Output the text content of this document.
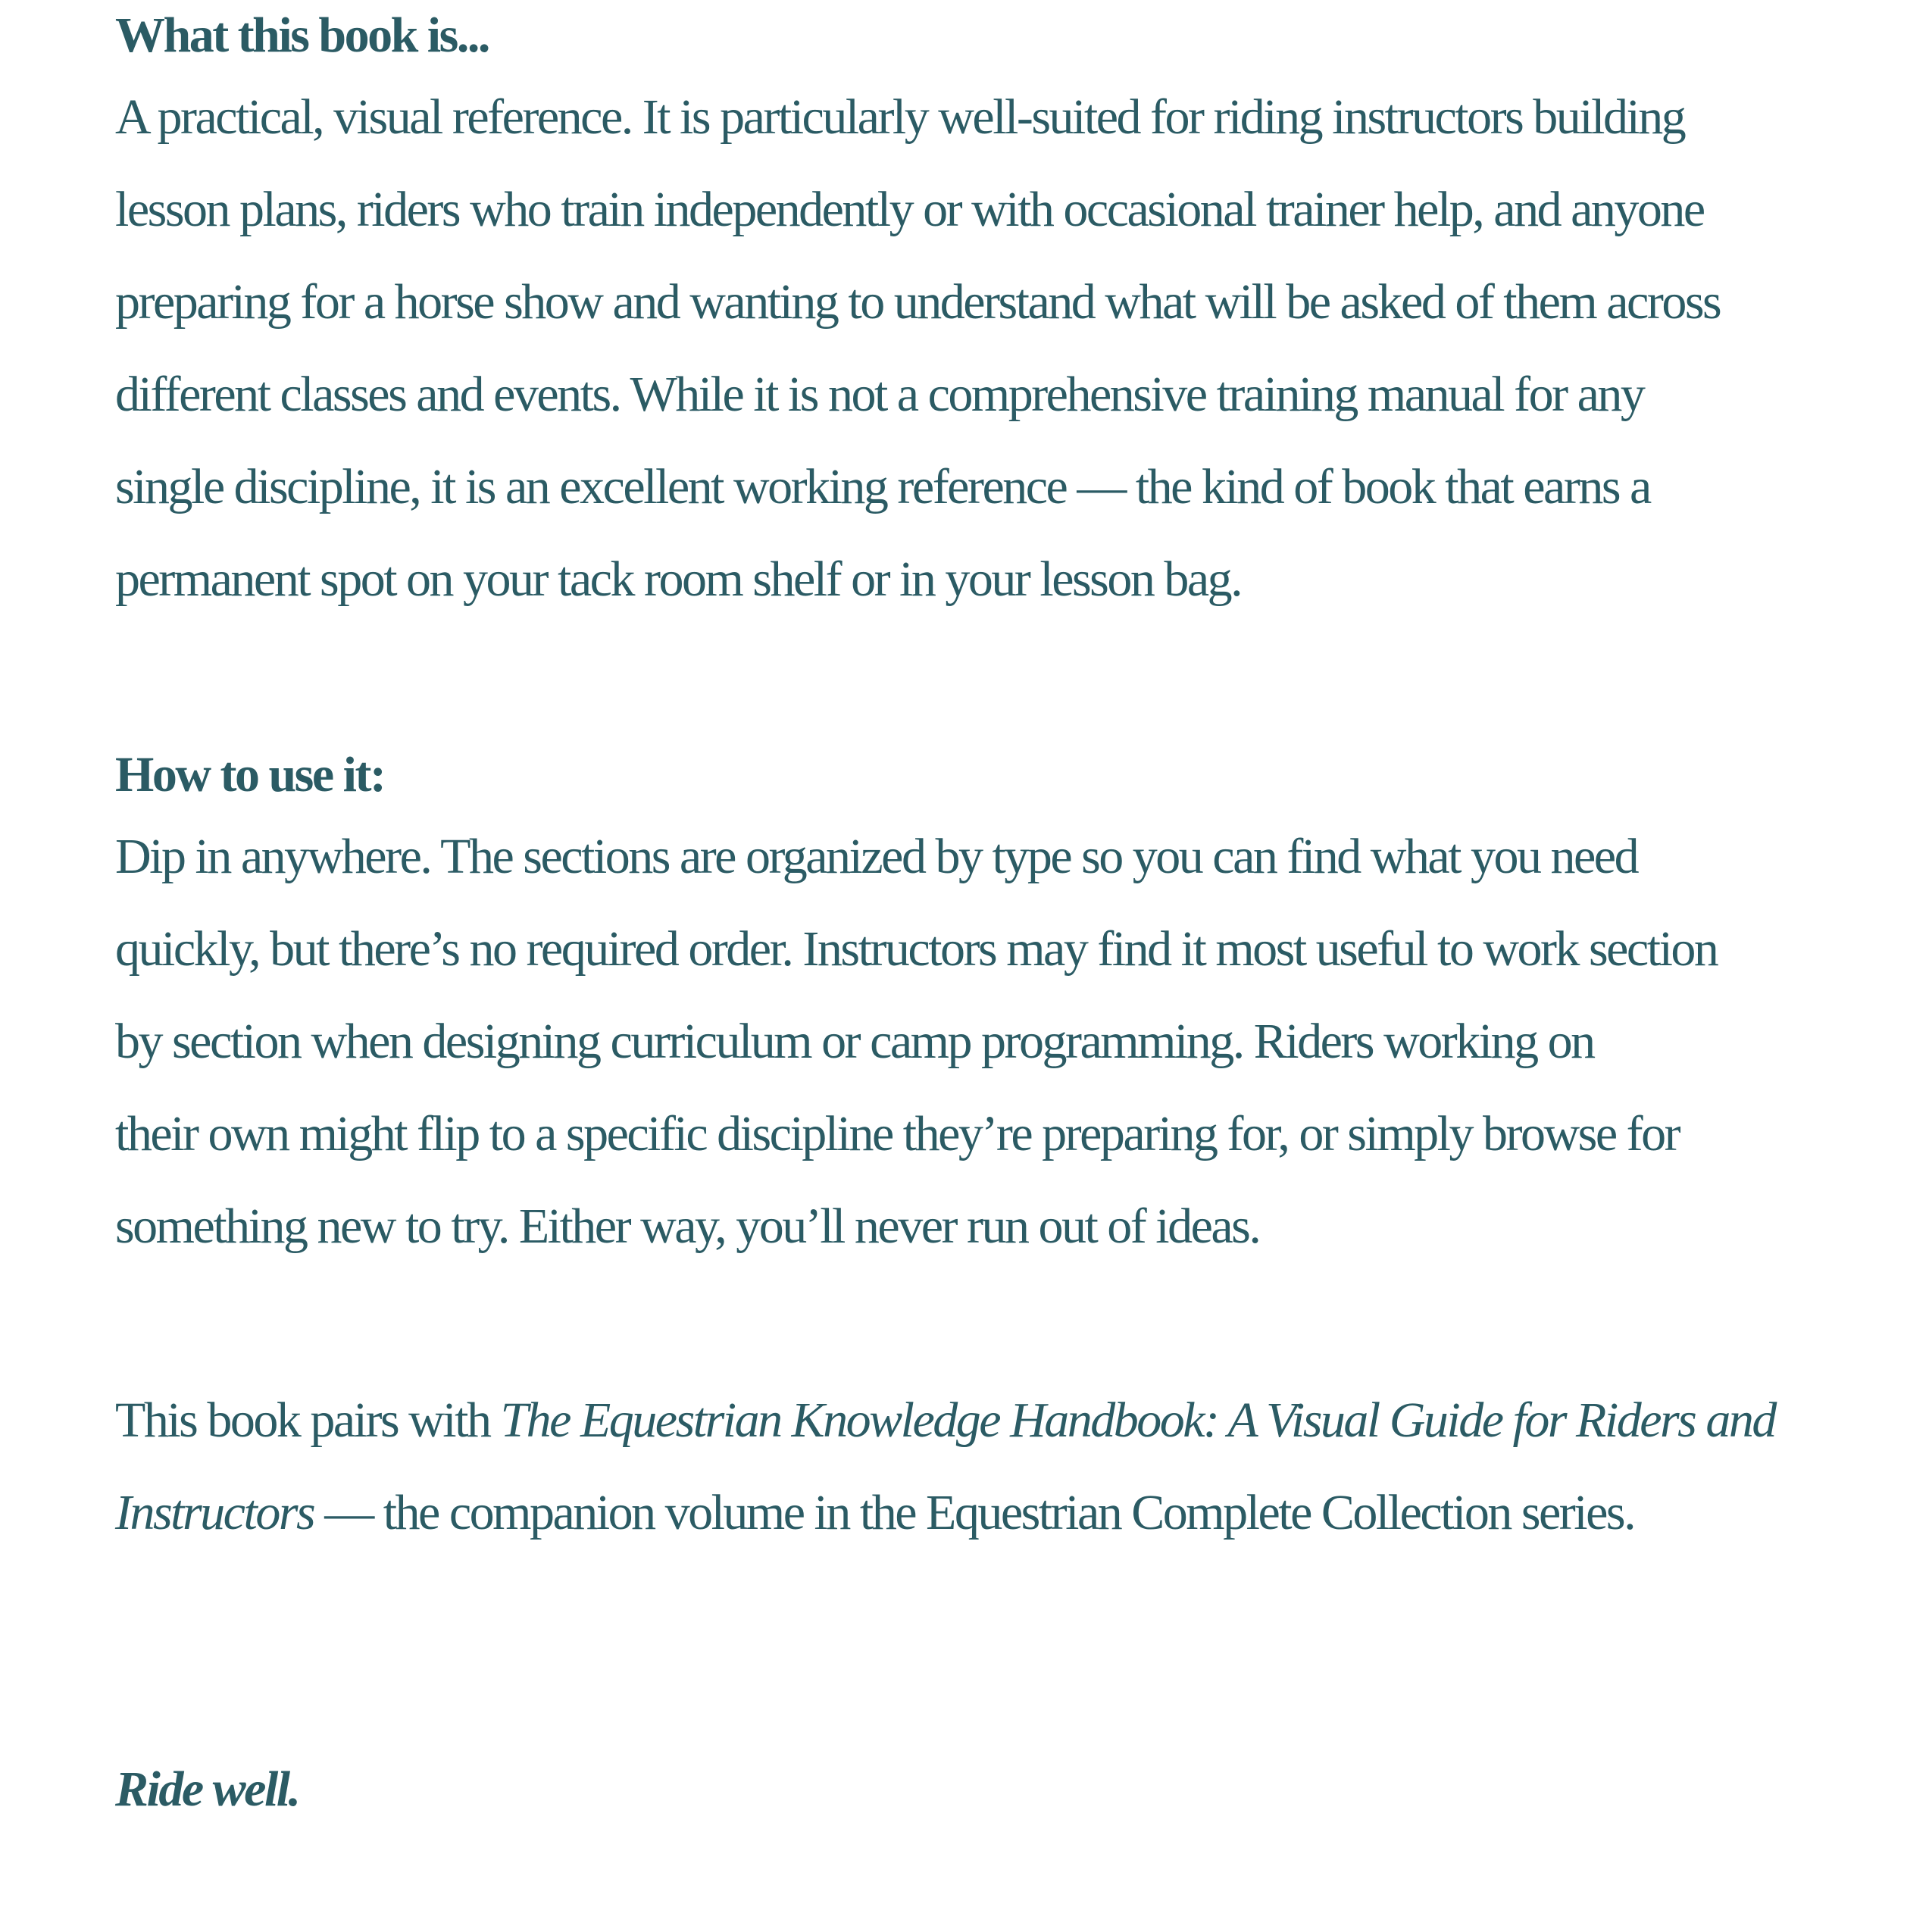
What this book is...

A practical, visual reference. It is particularly well-suited for riding instructors building

lesson plans, riders who train independently or with occasional trainer help, and anyone

preparing for a horse show and wanting to understand what will be asked of them across

different classes and events. While it is not a comprehensive training manual for any

single discipline, it is an excellent working reference — the kind of book that earns a

permanent spot on your tack room shelf or in your lesson bag.

How to use it:

Dip in anywhere. The sections are organized by type so you can find what you need

quickly, but there’s no required order. Instructors may find it most useful to work section

by section when designing curriculum or camp programming. Riders working on

their own might flip to a specific discipline they’re preparing for, or simply browse for

something new to try. Either way, you’ll never run out of ideas.

This book pairs with The Equestrian Knowledge Handbook: A Visual Guide for Riders and

Instructors — the companion volume in the Equestrian Complete Collection series.

Ride well.
